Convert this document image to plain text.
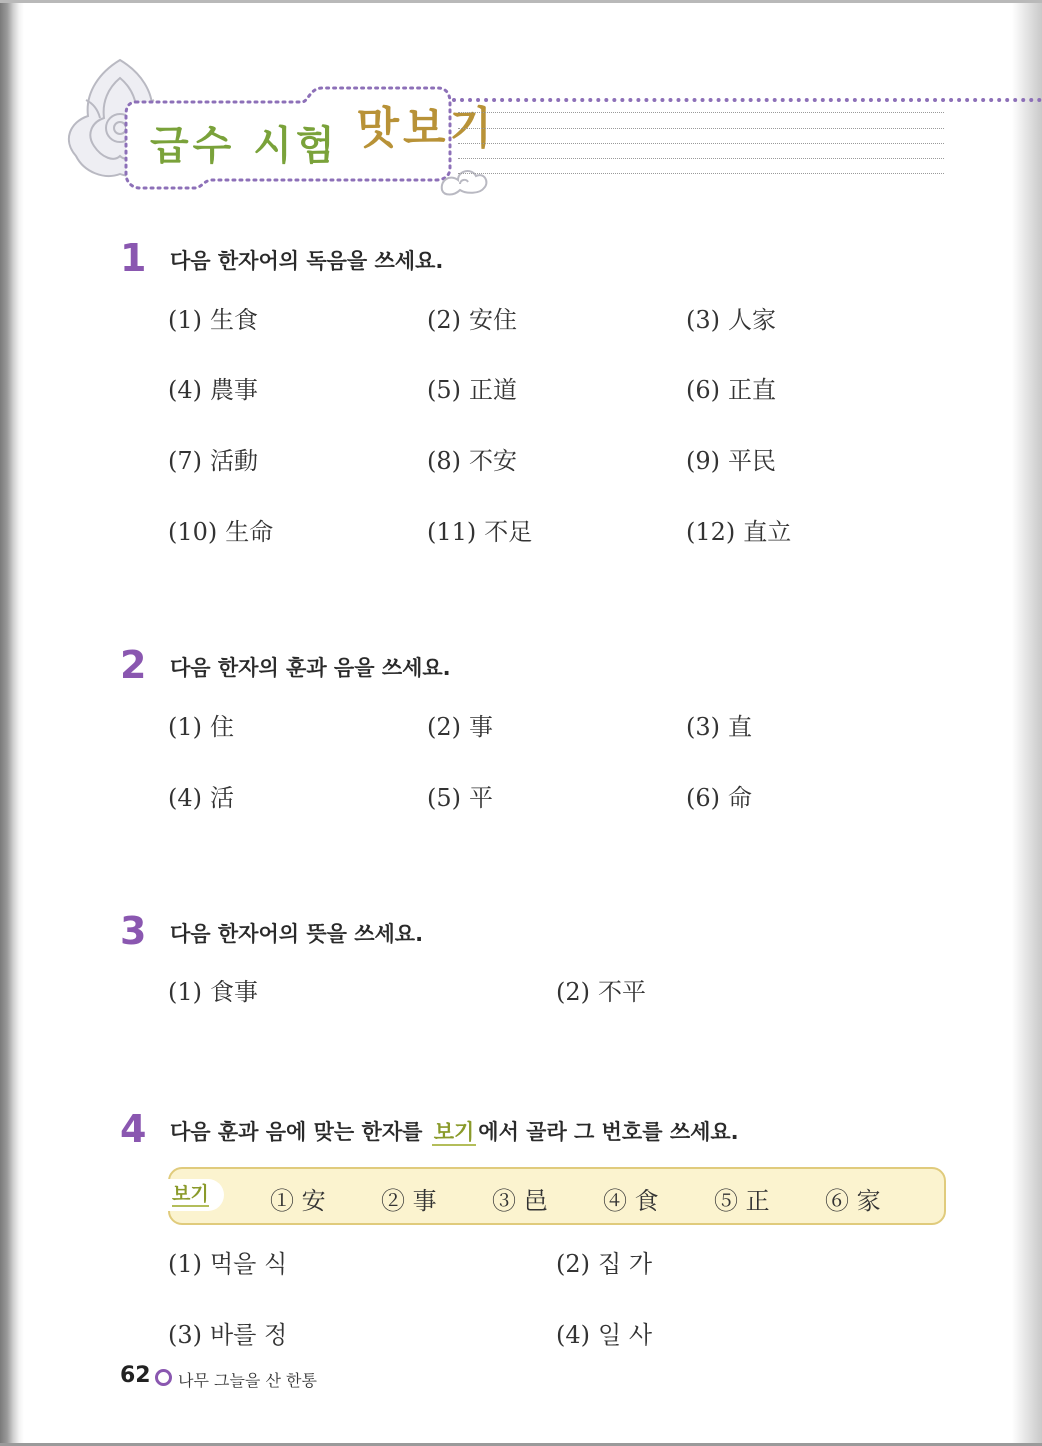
급수 시험 맛보기
1 다음 한자어의 독음을 쓰세요.
(1) 生食	(2) 安住	(3) 人家
(4) 農事	(5) 正道	(6) 正直
(7) 活動	(8) 不安	(9) 平民
(10) 生命	(11) 不足	(12) 直立
2 다음 한자의 훈과 음을 쓰세요.
(1) 住	(2) 事	(3) 直
(4) 活	(5) 平	(6) 命
3 다음 한자어의 뜻을 쓰세요.
(1) 食事	(2) 不平
4 다음 훈과 음에 맞는 한자를 보기 에서 골라 그 번호를 쓰세요.
보기	① 安 ② 事 ③ 邑 ④ 食 ⑤ 正 ⑥ 家
(1) 먹을 식	(2) 집 가
(3) 바를 정	(4) 일 사
62 나무 그늘을 산 한통
